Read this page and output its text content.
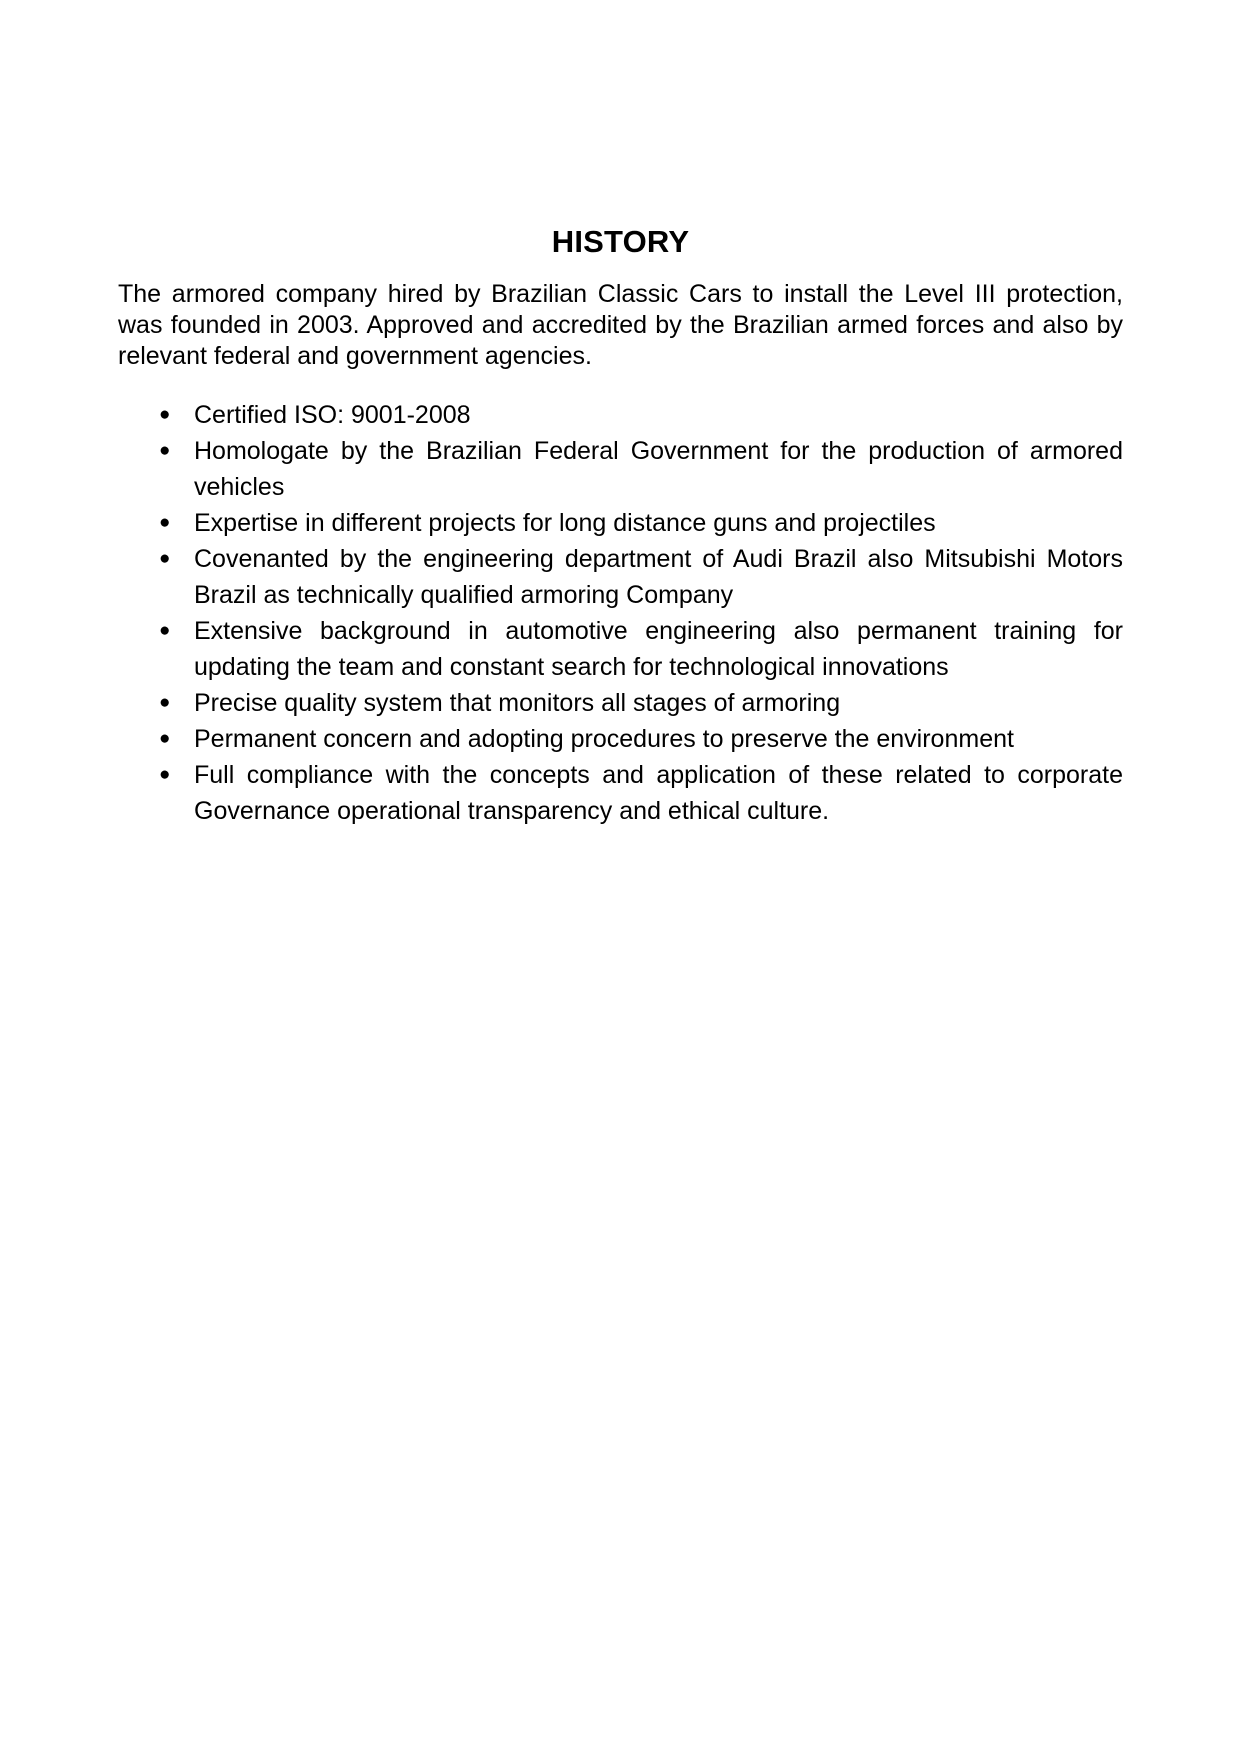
HISTORY

The armored company hired by Brazilian Classic Cars to install the Level III protection, was founded in 2003. Approved and accredited by the Brazilian armed forces and also by relevant federal and government agencies.

● Certified ISO: 9001-2008
● Homologate by the Brazilian Federal Government for the production of armored vehicles
● Expertise in different projects for long distance guns and projectiles
● Covenanted by the engineering department of Audi Brazil also Mitsubishi Motors Brazil as technically qualified armoring Company
● Extensive background in automotive engineering also permanent training for updating the team and constant search for technological innovations
● Precise quality system that monitors all stages of armoring
● Permanent concern and adopting procedures to preserve the environment
● Full compliance with the concepts and application of these related to corporate Governance operational transparency and ethical culture.
